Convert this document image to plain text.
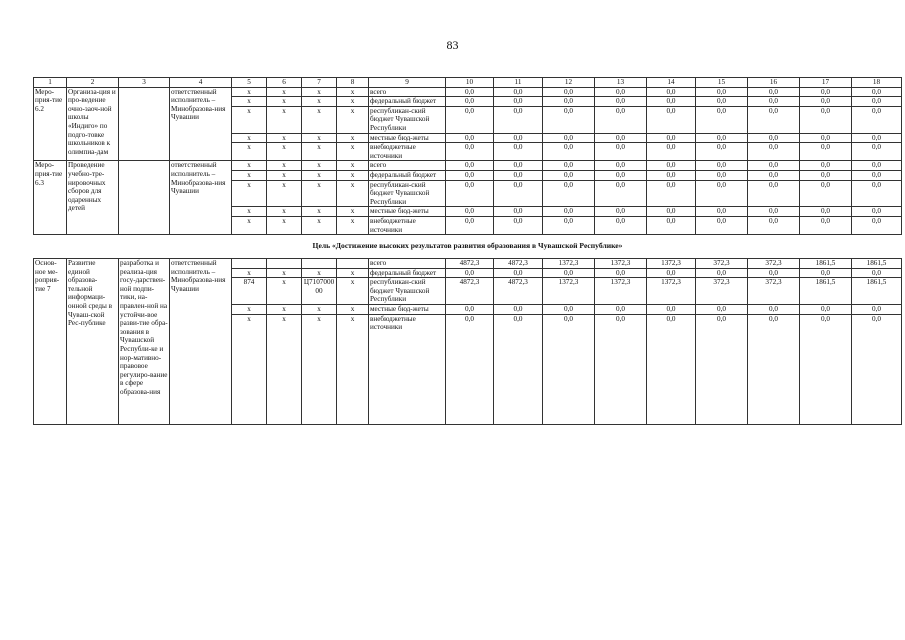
83
1	2	3	4	5	6	7	8	9	10	11	12	13	14	15	16	17	18
Меро-прия-тие 6.2	Организа-ция и про-ведение очно-заоч-ной школы «Индиго» по подго-товке школьников к олимпиа-дам		ответственный исполнитель – Минобразова-ния Чувашии	x	x	x	x	всего	0,0	0,0	0,0	0,0	0,0	0,0	0,0	0,0	0,0
				x	x	x	x	федеральный бюджет	0,0	0,0	0,0	0,0	0,0	0,0	0,0	0,0	0,0
				x	x	x	x	республикан-ский бюджет Чувашской Республики	0,0	0,0	0,0	0,0	0,0	0,0	0,0	0,0	0,0
				x	x	x	x	местные бюд-жеты	0,0	0,0	0,0	0,0	0,0	0,0	0,0	0,0	0,0
				x	x	x	x	внебюджетные источники	0,0	0,0	0,0	0,0	0,0	0,0	0,0	0,0	0,0
Меро-прия-тие 6.3	Проведение учебно-тре-нировочных сборов для одаренных детей		ответственный исполнитель – Минобразова-ния Чувашии	x	x	x	x	всего	0,0	0,0	0,0	0,0	0,0	0,0	0,0	0,0	0,0
				x	x	x	x	федеральный бюджет	0,0	0,0	0,0	0,0	0,0	0,0	0,0	0,0	0,0
				x	x	x	x	республикан-ский бюджет Чувашской Республики	0,0	0,0	0,0	0,0	0,0	0,0	0,0	0,0	0,0
				x	x	x	x	местные бюд-жеты	0,0	0,0	0,0	0,0	0,0	0,0	0,0	0,0	0,0
				x	x	x	x	внебюджетные источники	0,0	0,0	0,0	0,0	0,0	0,0	0,0	0,0	0,0
Цель «Достижение высоких результатов развития образования в Чувашской Республике»																	
Основ-ное ме-роприя-тие 7	Развитие единой образова-тельной информаци-онной среды в Чуваш-ской Рес-публике	разработка и реализа-ция госу-дарствен-ной подпи-тики, на-правлен-ной на устойчи-вое разви-тие обра-зования в Чувашской Республи-ке и нор-мативно-правовое регулиро-вание в сфере образова-ния	ответственный исполнитель – Минобразова-ния Чувашии					всего	4872,3	4872,3	1372,3	1372,3	1372,3	372,3	372,3	1861,5	1861,5
				x	x	x	x	федеральный бюджет	0,0	0,0	0,0	0,0	0,0	0,0	0,0	0,0	0,0
				874	x	Ц710700000	x	республикан-ский бюджет Чувашской Республики	4872,3	4872,3	1372,3	1372,3	1372,3	372,3	372,3	1861,5	1861,5
				x	x	x	x	местные бюд-жеты	0,0	0,0	0,0	0,0	0,0	0,0	0,0	0,0	0,0
				x	x	x	x	внебюджетные источники	0,0	0,0	0,0	0,0	0,0	0,0	0,0	0,0	0,0
